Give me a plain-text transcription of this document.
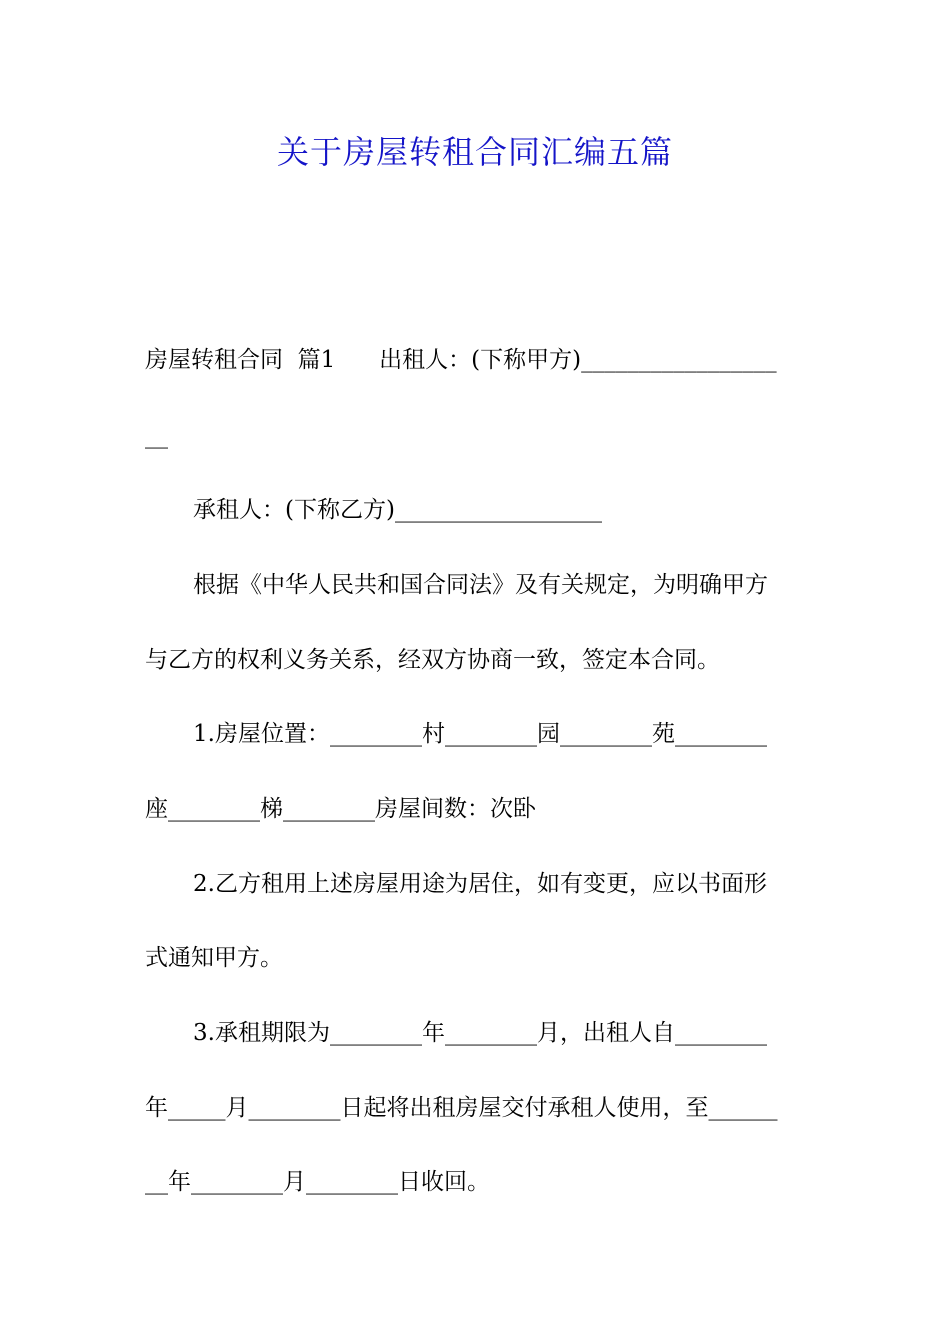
关于房屋转租合同汇编五篇
房屋转租合同  篇1      出租人：(下称甲方)_________________
__
承租人：(下称乙方)__________________
根据《中华人民共和国合同法》及有关规定，为明确甲方
与乙方的权利义务关系，经双方协商一致，签定本合同。
1.房屋位置：________村________园________苑________
座________梯________房屋间数：次卧
2.乙方租用上述房屋用途为居住，如有变更，应以书面形
式通知甲方。
3.承租期限为________年________月，出租人自________
年_____月________日起将出租房屋交付承租人使用，至______
__年________月________日收回。
